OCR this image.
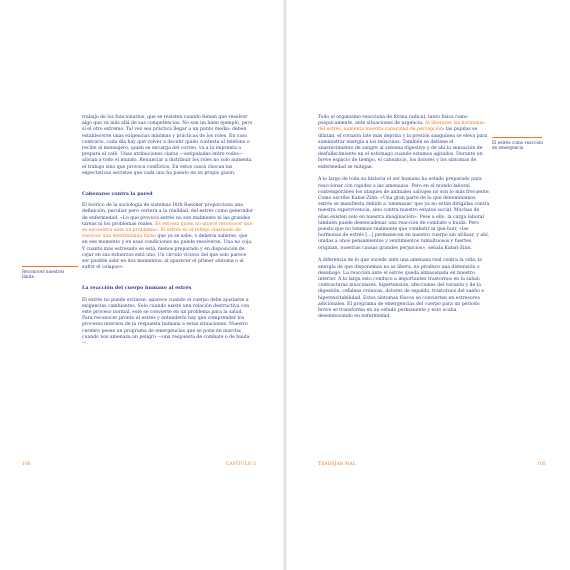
trabajo de los funcionarios, que se resisten cuando tienen que resolver algo que va más allá de sus competencias. No son un buen ejemplo, pero sí el otro extremo. Tal vez sea práctica llegar a un punto medio: deben establecerse unas exigencias mínimas y prácticas de los roles. En caso contrario, cada día hay que volver a decidir quién contesta al teléfono o recibe al mensajero, quién se encarga del correo, va a la imprenta o prepara el café. Unas atribuciones claras —estipuladas entre todos— alivian a todo el mundo. Renunciar a distribuir los roles no solo aumenta el trabajo sino que provoca conflictos. En estos casos chocan las expectativas secretas que cada uno ha puesto en su propio guión.

Cabezazos contra la pared

El teórico de la sociología de sistemas Dirk Baecker proporciona una definición, peculiar pero certera a la realidad, del estrés como generador de enfermedad: «Lo que provoca estrés no son malmente ni las grandes tareas ni los problemas reales. Es estresa quien no quiere reconocer que se encuentra ante un problema». El estrés es el reflejo obstinado de resolver una determinada tarea que ya se sabe, o debería saberse, que en ese momento y en esas condiciones no puede resolverse. Una no coja. Y cuanto más estresado se está, menos preparado y en disposición de cejar en sus esfuerzos está uno. Un círculo vicioso del que solo parece ser posible salir en dos momentos: al aparecer el primer síntoma o al sufrir el colapso».

La reacción del cuerpo humano al estrés

El estrés no puede evitarse: aparece cuando el cuerpo debe ajustarse a exigencias cambiantes. Solo cuando existe una relación destructiva con este proceso normal, este se convierte en un problema para la salud. Para reconocer pronto el estrés y entenderlo hay que comprender los procesos internos de la respuesta humana a estas situaciones. Nuestro cerebro posee un programa de emergencias que se pone en marcha cuando nos amenaza un peligro —una respuesta de combate o de huida—.

Reconocer nuestros límite
106	CAPÍTULO 5

Todo el organismo reacciona de forma radical, tanto física como psíquicamente, ante situaciones de urgencia. Al liberarse las hormonas del estrés, aumenta nuestra capacidad de percepción: las pupilas se dilatan, el corazón late más deprisa y la presión sanguínea se eleva para suministrar energía a los músculos. También se detiene el abastecimiento de sangre al sistema digestivo y de ahí la sensación de desfallecimiento en el estómago cuando estamos agitados. Durante un breve espacio de tiempo, el cansancio, los dolores y los síntomas de enfermedad se mitigan.

A lo largo de toda su historia el ser humano ha estado preparado para reaccionar con rapidez a las amenazas. Pero en el mundo laboral contemporáneo los ataques de animales salvajes no son lo más frecuente. Como escribe Kabat-Zinn: «Una gran parte de lo que denominamos estrés se manifiesta debido a 'amenazas' que ya no están dirigidas contra nuestra supervivencia, sino contra nuestro estatus social. Muchas de ellas existen solo en nuestra imaginación». Pese a ello, la carga laboral también puede desencadenar una reacción de combate o huida. Pero puesto que no tenemos realmente que combatir ni que huir, «las hormonas de estrés [...] permanecen en nuestro cuerpo sin utilizar, y ahí, unidas a unos pensamientos y sentimientos tumultuosos y fuertes, originan, nuestras causas grandes perjuicios», señala Kabat-Zinn.

A diferencia de lo que sucede ante una amenaza real contra la vida, la energía de que disponemos no se libera, no produce una distensión o desahogo. La reacción ante el estrés queda almacenada en nuestro interior. A la larga esto conduce a importantes trastornos en la salud: contracturas musculares, hipertensión, afecciones del corazón y de la digestión, cefaleas crónicas, dolores de espalda, trastornos del sueño e hiperexcitabilidad. Estos síntomas físicos se convierten en estresores adicionales. El programa de emergencias del cuerpo para un periodo breve se transforma en un estado permanente y esto acaba desembocando en enfermedad.

El estrés como reacción de emergencia
TRABAJAR MAL	105
